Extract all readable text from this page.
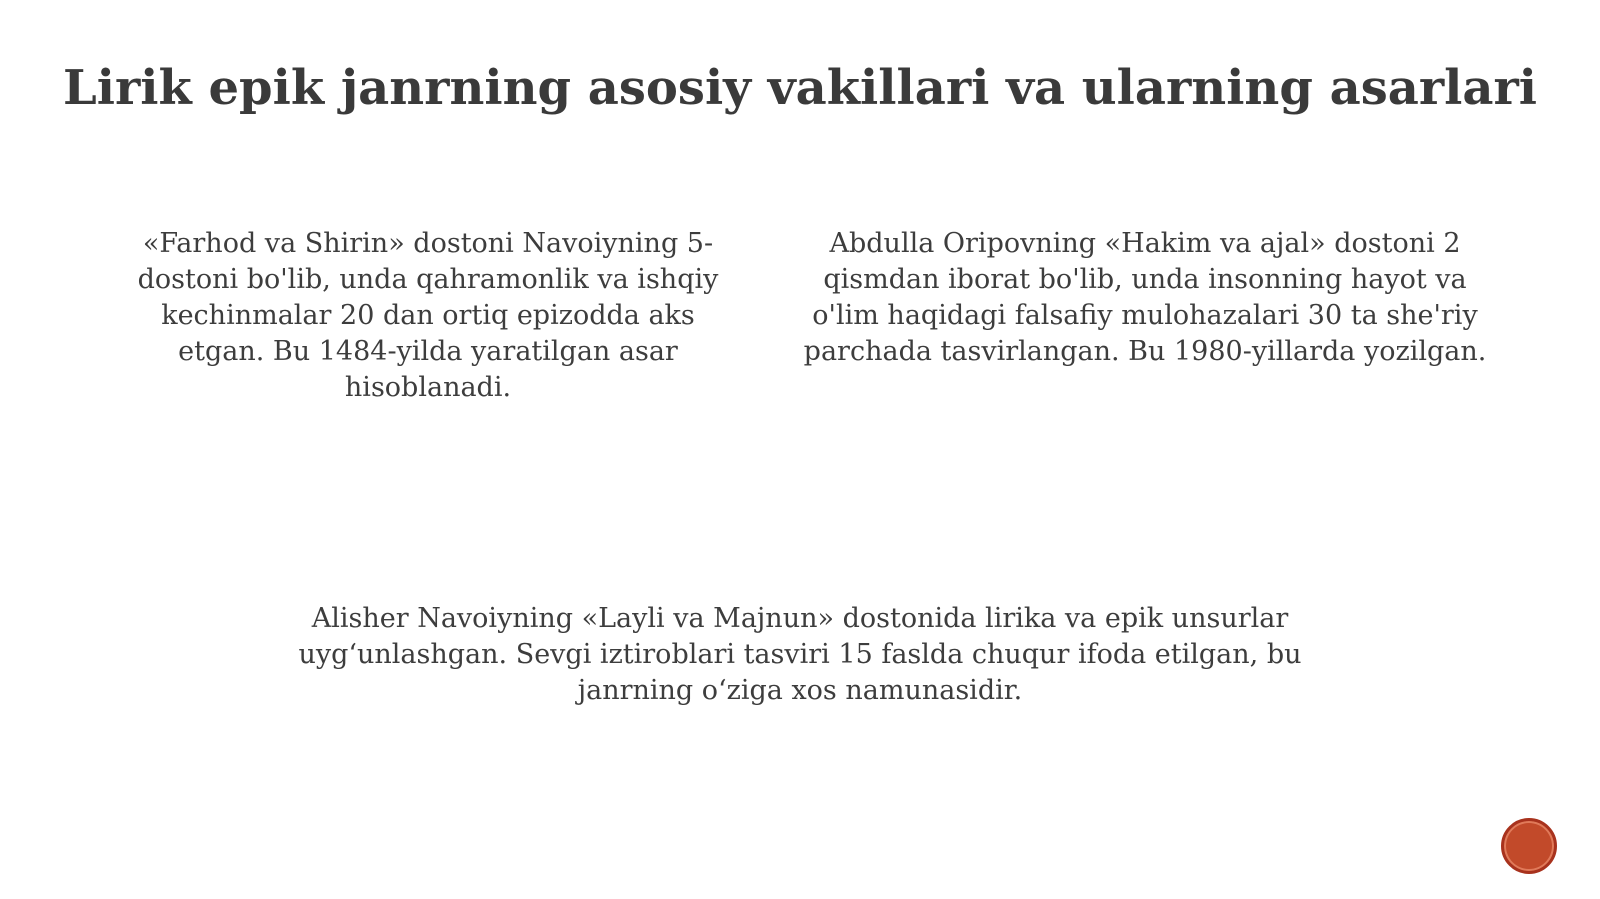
Lirik epik janrning asosiy vakillari va ularning asarlari

«Farhod va Shirin» dostoni Navoiyning 5-dostoni bo'lib, unda qahramonlik va ishqiy kechinmalar 20 dan ortiq epizodda aks etgan. Bu 1484-yilda yaratilgan asar hisoblanadi.

Abdulla Oripovning «Hakim va ajal» dostoni 2 qismdan iborat bo'lib, unda insonning hayot va o'lim haqidagi falsafiy mulohazalari 30 ta she'riy parchada tasvirlangan. Bu 1980-yillarda yozilgan.

Alisher Navoiyning «Layli va Majnun» dostonida lirika va epik unsurlar uyg‘unlashgan. Sevgi iztiroblari tasviri 15 faslda chuqur ifoda etilgan, bu janrning o‘ziga xos namunasidir.
